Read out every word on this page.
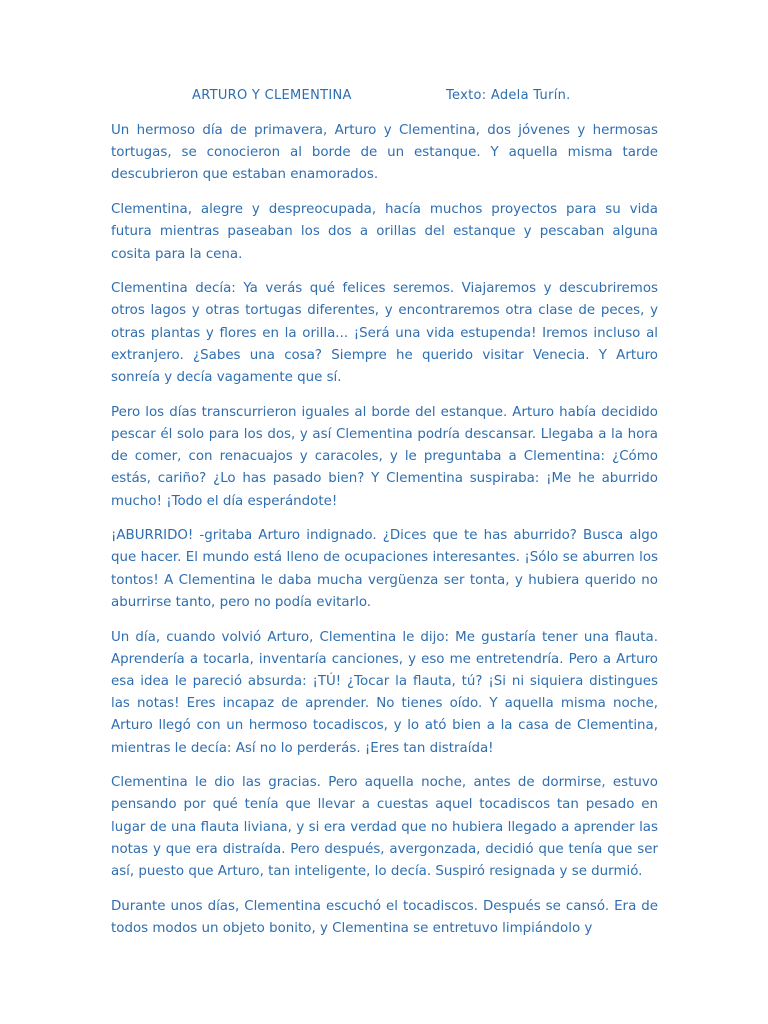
ARTURO Y CLEMENTINA	Texto: Adela Turín.

Un hermoso día de primavera, Arturo y Clementina, dos jóvenes y hermosas tortugas, se conocieron al borde de un estanque. Y aquella misma tarde descubrieron que estaban enamorados.

Clementina, alegre y despreocupada, hacía muchos proyectos para su vida futura mientras paseaban los dos a orillas del estanque y pescaban alguna cosita para la cena.

Clementina decía: Ya verás qué felices seremos. Viajaremos y descubriremos otros lagos y otras tortugas diferentes, y encontraremos otra clase de peces, y otras plantas y flores en la orilla... ¡Será una vida estupenda! Iremos incluso al extranjero. ¿Sabes una cosa? Siempre he querido visitar Venecia. Y Arturo sonreía y decía vagamente que sí.

Pero los días transcurrieron iguales al borde del estanque. Arturo había decidido pescar él solo para los dos, y así Clementina podría descansar. Llegaba a la hora de comer, con renacuajos y caracoles, y le preguntaba a Clementina: ¿Cómo estás, cariño? ¿Lo has pasado bien? Y Clementina suspiraba: ¡Me he aburrido mucho! ¡Todo el día esperándote!

¡ABURRIDO! -gritaba Arturo indignado. ¿Dices que te has aburrido? Busca algo que hacer. El mundo está lleno de ocupaciones interesantes. ¡Sólo se aburren los tontos! A Clementina le daba mucha vergüenza ser tonta, y hubiera querido no aburrirse tanto, pero no podía evitarlo.

Un día, cuando volvió Arturo, Clementina le dijo: Me gustaría tener una flauta. Aprendería a tocarla, inventaría canciones, y eso me entretendría. Pero a Arturo esa idea le pareció absurda: ¡TÚ! ¿Tocar la flauta, tú? ¡Si ni siquiera distingues las notas! Eres incapaz de aprender. No tienes oído. Y aquella misma noche, Arturo llegó con un hermoso tocadiscos, y lo ató bien a la casa de Clementina, mientras le decía: Así no lo perderás. ¡Eres tan distraída!

Clementina le dio las gracias. Pero aquella noche, antes de dormirse, estuvo pensando por qué tenía que llevar a cuestas aquel tocadiscos tan pesado en lugar de una flauta liviana, y si era verdad que no hubiera llegado a aprender las notas y que era distraída. Pero después, avergonzada, decidió que tenía que ser así, puesto que Arturo, tan inteligente, lo decía. Suspiró resignada y se durmió.

Durante unos días, Clementina escuchó el tocadiscos. Después se cansó. Era de todos modos un objeto bonito, y Clementina se entretuvo limpiándolo y
